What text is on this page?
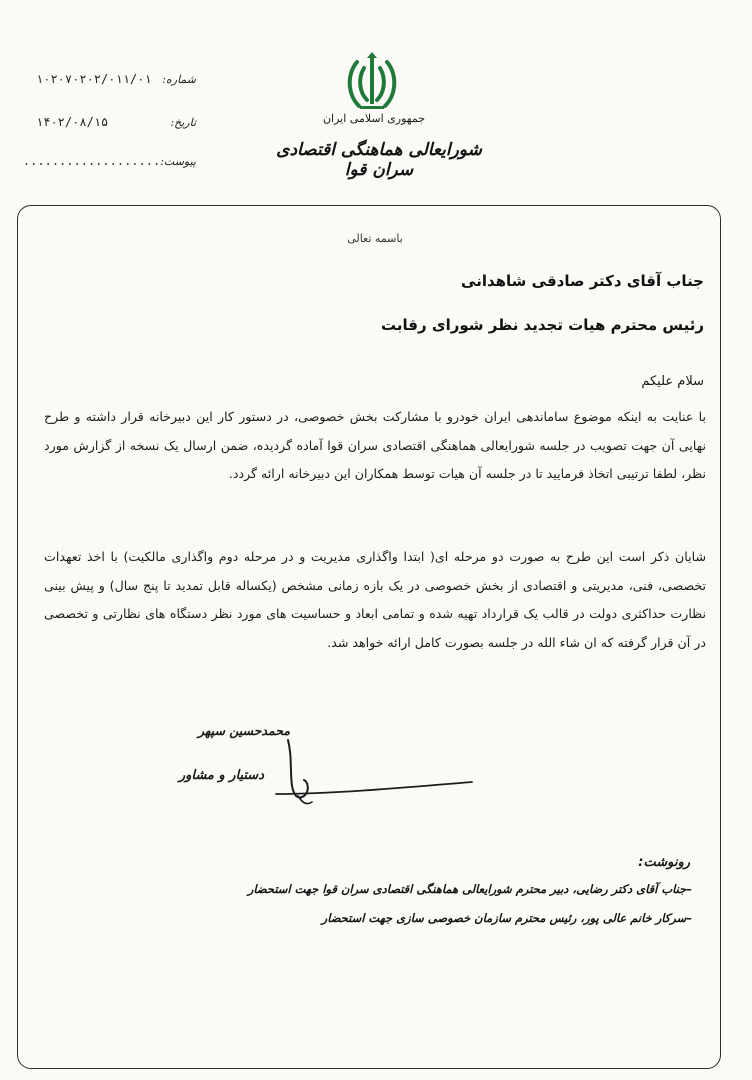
جمهوری اسلامی ایران
شورایعالی هماهنگی اقتصادی سران قوا
شماره:
۱۰۲۰۷۰۲۰۲/۰۱۱/۰۱
تاریخ:
۱۴۰۲/۰۸/۱۵
پیوست:
...................
باسمه تعالی
جناب آقای دکتر صادقی شاهدانی
رئیس محترم هیات تجدید نظر شورای رقابت
سلام علیکم
با عنایت به اینکه موضوع ساماندهی ایران خودرو با مشارکت بخش خصوصی، در دستور کار این دبیرخانه قرار داشته و طرح نهایی آن جهت تصویب در جلسه شورایعالی هماهنگی اقتصادی سران قوا آماده گردیده، ضمن ارسال یک نسخه از گزارش مورد نظر، لطفا ترتیبی اتخاذ فرمایید تا در جلسه آن هیات توسط همکاران این دبیرخانه ارائه گردد.
شایان ذکر است این طرح به صورت دو مرحله ای( ابتدا واگذاری مدیریت و در مرحله دوم واگذاری مالکیت) با اخذ تعهدات تخصصی، فنی، مدیریتی و اقتصادی از بخش خصوصی در یک بازه زمانی مشخص (یکساله قابل تمدید تا پنج سال) و پیش بینی نظارت حداکثری دولت در قالب یک قرارداد تهیه شده و تمامی ابعاد و حساسیت های مورد نظر دستگاه های نظارتی و تخصصی در آن قرار گرفته که ان شاء الله در جلسه بصورت کامل ارائه خواهد شد.
محمدحسین سپهر
دستیار و مشاور
رونوشت:
–جناب آقای دکتر رضایی، دبیر محترم شورایعالی هماهنگی اقتصادی سران قوا جهت استحضار
–سرکار خانم عالی پور، رئیس محترم سازمان خصوصی سازی جهت استحضار
